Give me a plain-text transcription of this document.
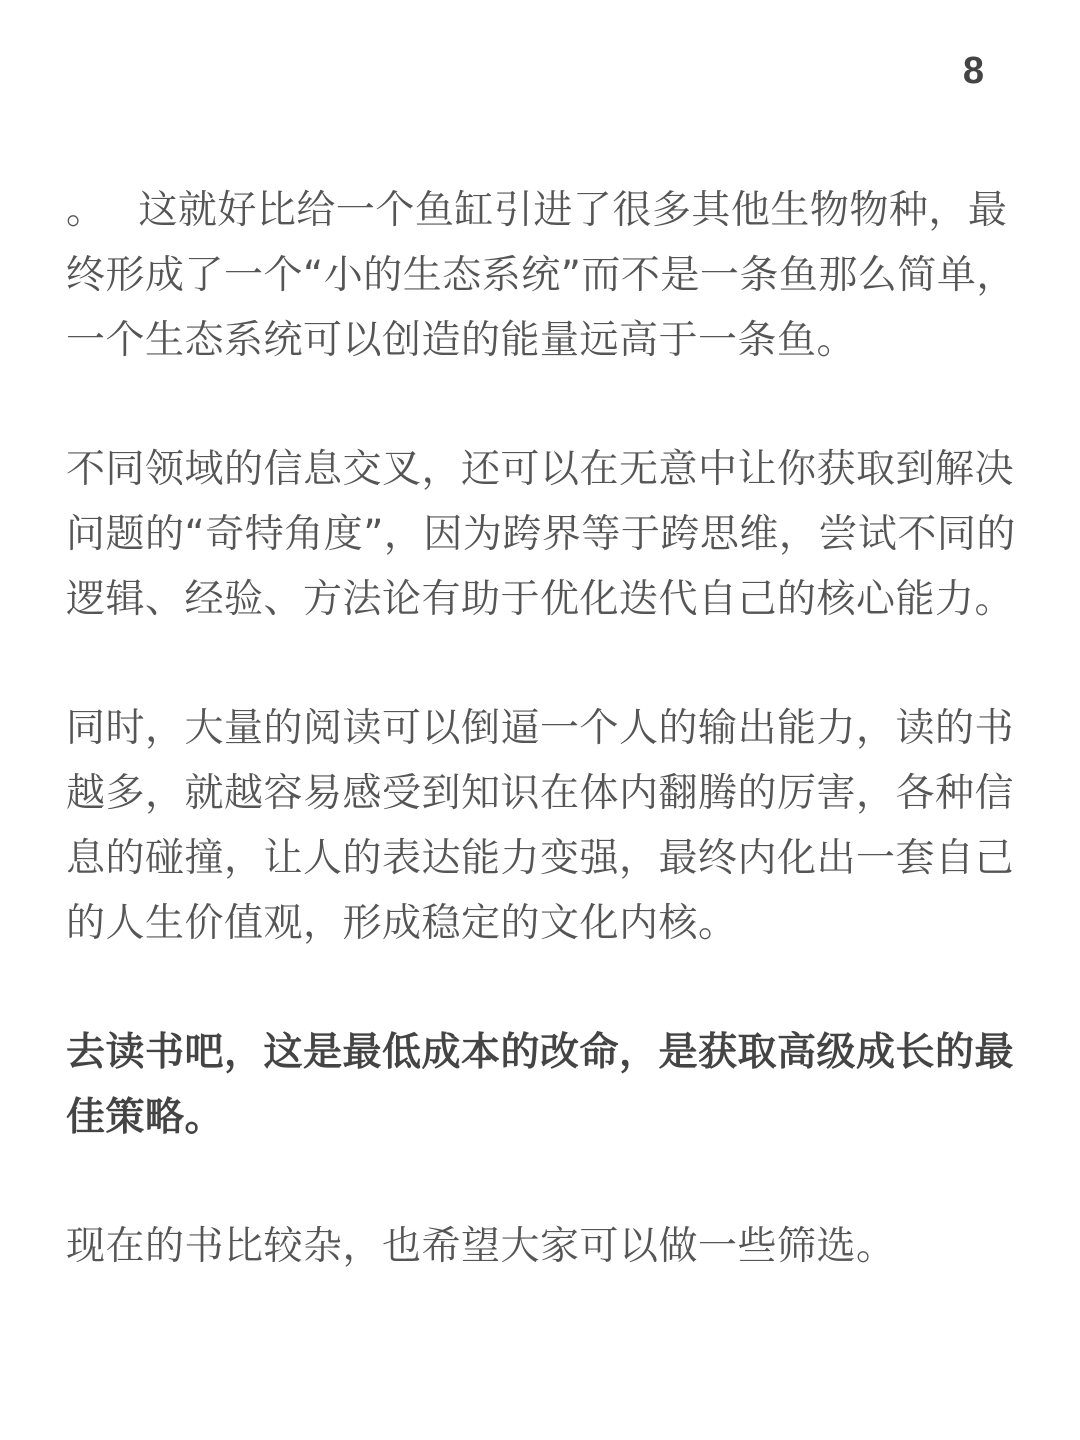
8

。　 这就好比给一个鱼缸引进了很多其他生物物种，最终形成了一个“小的生态系统”而不是一条鱼那么简单，一个生态系统可以创造的能量远高于一条鱼。

不同领域的信息交叉，还可以在无意中让你获取到解决问题的“奇特角度”，因为跨界等于跨思维，尝试不同的逻辑、经验、方法论有助于优化迭代自己的核心能力。

同时，大量的阅读可以倒逼一个人的输出能力，读的书越多，就越容易感受到知识在体内翻腾的厉害，各种信息的碰撞，让人的表达能力变强，最终内化出一套自己的人生价值观，形成稳定的文化内核。

去读书吧，这是最低成本的改命，是获取高级成长的最佳策略。

现在的书比较杂，也希望大家可以做一些筛选。
